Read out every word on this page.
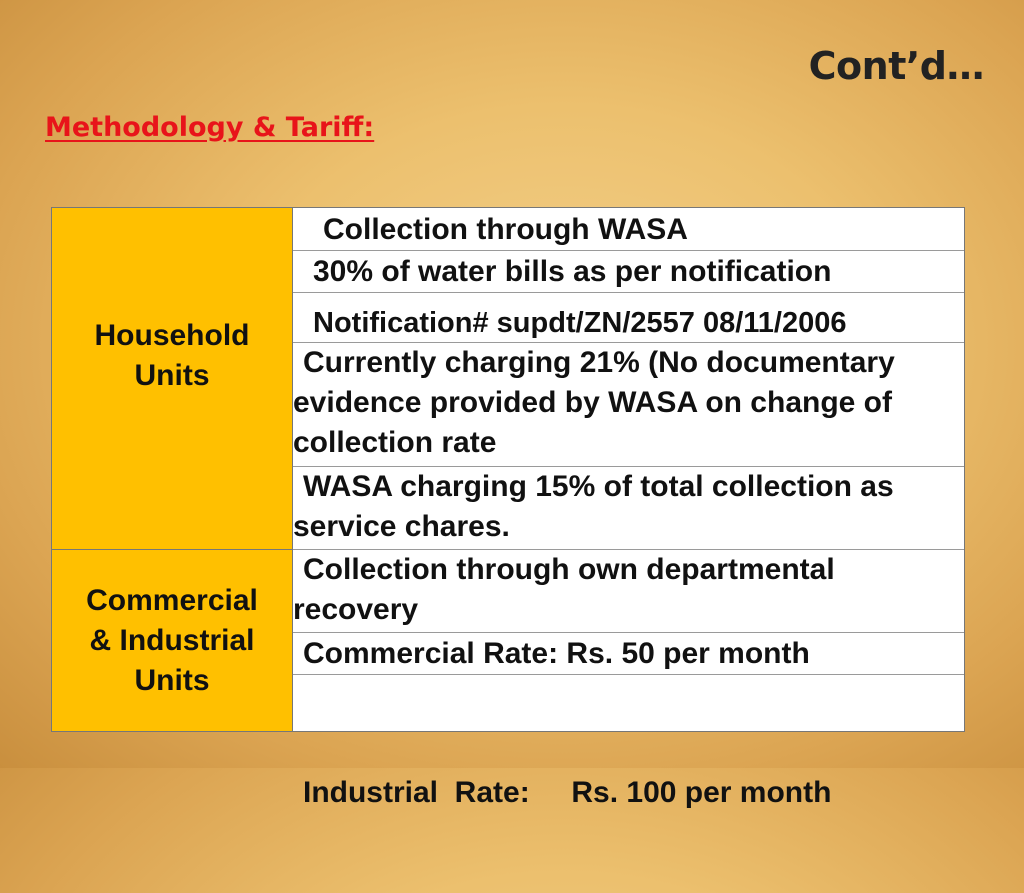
Cont’d…
Methodology & Tariff:
Household Units
Collection through WASA
30% of water bills as per notification
Notification# supdt/ZN/2557 08/11/2006
Currently charging 21% (No documentary evidence provided by WASA on change of collection rate
WASA charging 15% of total collection as service chares.
Commercial & Industrial Units
Collection through own departmental recovery
Commercial Rate: Rs. 50 per month

Industrial  Rate:     Rs. 100 per month
